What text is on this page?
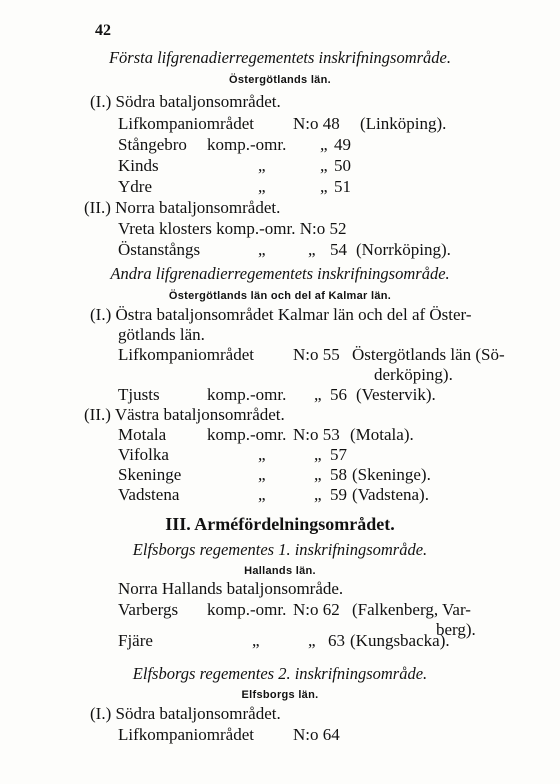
42
Första lifgrenadierregementets inskrifningsområde.
Östergötlands län.
(I.) Södra bataljonsområdet.
Lifkompaniområdet N:o 48 (Linköping).
Stångebro komp.-omr. „ 49
Kinds	„	„ 50
Ydre	„	„ 51
(II.) Norra bataljonsområdet.
Vreta klosters komp.-omr. N:o 52
Östanstångs	„ „ 54 (Norrköping).
Andra lifgrenadierregementets inskrifningsområde.
Östergötlands län och del af Kalmar län.
(I.) Östra bataljonsområdet Kalmar län och del af Öster-
götlands län.
Lifkompaniområdet N:o 55 Östergötlands län (Sö-
derköping).
Tjusts	komp.-omr. „ 56 (Vestervik).
(II.) Västra bataljonsområdet.
Motala komp.-omr. N:o 53 (Motala).
Vifolka	„	„ 57
Skeninge	„	„ 58 (Skeninge).
Vadstena	„	„ 59 (Vadstena).
III. Arméfördelningsområdet.
Elfsborgs regementes 1. inskrifningsområde.
Hallands län.
Norra Hallands bataljonsområde.
Varbergs komp.-omr. N:o 62 (Falkenberg, Var-
berg).
Fjäre	„	„ 63 (Kungsbacka).
Elfsborgs regementes 2. inskrifningsområde.
Elfsborgs län.
(I.) Södra bataljonsområdet.
Lifkompaniområdet N:o 64
